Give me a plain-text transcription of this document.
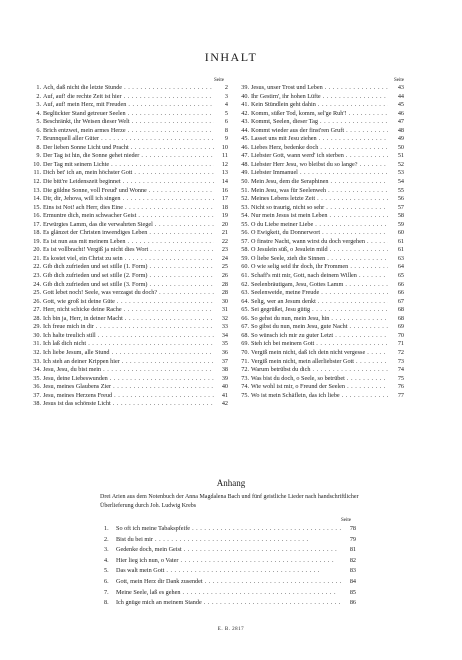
INHALT
Seite	Seite
1. Ach, daß nicht die letzte Stunde . . .	2
2. Auf, auf! die rechte Zeit ist hier . . .	3
3. Auf, auf! mein Herz, mit Freuden . . .	4
4. Beglückter Stand getreuer Seelen . . .	5
5. Beschränkt, ihr Weisen dieser Welt . . .	6
6. Brich entzwei, mein armes Herze . . .	8
7. Brunnquell aller Güter . . .	9
8. Der lieben Sonne Licht und Pracht . . .	10
9. Der Tag ist hin, die Sonne gehet nieder . . .	11
10. Der Tag mit seinem Lichte . . .	12
11. Dich bet' ich an, mein höchster Gott . . .	13
12. Die bitt're Leidenszeit beginnet . . .	14
13. Die güldne Sonne, voll Freud' und Wonne . . .	16
14. Dir, dir, Jehova, will ich singen . . .	17
15. Eins ist Not! ach Herr, dies Eine . . .	18
16. Ermuntre dich, mein schwacher Geist . . .	19
17. Erwürgtes Lamm, das die verwahrten Siegel . . .	20
18. Es glänzet der Christen inwendiges Leben . . .	21
19. Es ist nun aus mit meinem Leben . . .	22
20. Es ist vollbracht! Vergiß ja nicht dies Wort . . .	23
21. Es kostet viel, ein Christ zu sein . . .	24
22. Gib dich zufrieden und sei stille (1. Form) . . .	25
23. Gib dich zufrieden und sei stille (2. Form) . . .	26
24. Gib dich zufrieden und sei stille (3. Form) . . .	28
25. Gott lebet noch! Seele, was verzagst du doch? . . .	28
26. Gott, wie groß ist deine Güte . . .	30
27. Herr, nicht schicke deine Rache . . .	31
28. Ich bin ja, Herr, in deiner Macht . . .	32
29. Ich freue mich in dir . . .	33
30. Ich halte treulich still . . .	34
31. Ich laß dich nicht . . .	35
32. Ich liebe Jesum, alle Stund . . .	36
33. Ich steh an deiner Krippen hier . . .	37
34. Jesu, Jesu, du bist mein . . .	38
35. Jesu, deine Liebeswunden . . .	39
36. Jesu, meines Glaubens Zier . . .	40
37. Jesu, meines Herzens Freud . . .	41
38. Jesus ist das schönste Licht . . .	42
39. Jesus, unser Trost und Leben . . .	43
40. Ihr Gestirn', ihr hohen Lüfte . . .	44
41. Kein Stündlein geht dahin . . .	45
42. Komm, süßer Tod, komm, sel'ge Ruh'! . . .	46
43. Kommt, Seelen, dieser Tag . . .	47
44. Kommt wieder aus der finst'ren Gruft . . .	48
45. Lasset uns mit Jesu ziehen . . .	49
46. Liebes Herz, bedenke doch . . .	50
47. Liebster Gott, wann werd' ich sterben . . .	51
48. Liebster Herr Jesu, wo bleibst du so lange? . . .	52
49. Liebster Immanuel . . .	53
50. Mein Jesu, dem die Seraphinen . . .	54
51. Mein Jesu, was für Seelenweh . . .	55
52. Meines Lebens letzte Zeit . . .	56
53. Nicht so traurig, nicht so sehr . . .	57
54. Nur mein Jesus ist mein Leben . . .	58
55. O du Liebe meiner Liebe . . .	59
56. O Ewigkeit, du Donnerwort . . .	60
57. O finstre Nacht, wann wirst du doch vergehen . . .	61
58. O Jesulein süß, o Jesulein mild . . .	61
59. O liebe Seele, zieh die Sinnen . . .	63
60. O wie selig seid ihr doch, ihr Frommen . . .	64
61. Schaff's mit mir, Gott, nach deinem Willen . . .	65
62. Seelenbräutigam, Jesu, Gottes Lamm . . .	66
63. Seelenweide, meine Freude . . .	66
64. Selig, wer an Jesum denkt . . .	67
65. Sei gegrüßet, Jesu gütig . . .	68
66. So gehst du nun, mein Jesu, hin . . .	68
67. So gibst du nun, mein Jesu, gute Nacht . . .	69
68. So wünsch ich mir zu guter Letzt . . .	70
69. Steh ich bei meinem Gott . . .	71
70. Vergiß mein nicht, daß ich dein nicht vergesse . . .	72
71. Vergiß mein nicht, mein allerliebster Gott . . .	73
72. Warum betrübst du dich . . .	74
73. Was bist du doch, o Seele, so betrübet . . .	75
74. Wie wohl ist mir, o Freund der Seelen . . .	76
75. Wo ist mein Schäflein, das ich liebe . . .	77
Anhang
Drei Arien aus dem Notenbuch der Anna Magdalena Bach und fünf geistliche Lieder nach handschriftlicher Überlieferung durch Joh. Ludwig Krebs
Seite
1.	So oft ich meine Tabakspfeife . . .	78
2.	Bist du bei mir . . .	79
3.	Gedenke doch, mein Geist . . .	81
4.	Hier lieg ich nun, o Vater . . .	82
5.	Das walt mein Gott . . .	83
6.	Gott, mein Herz dir Dank zusendet . . .	84
7.	Meine Seele, laß es gehen . . .	85
8.	Ich gnüge mich an meinem Stande . . .	86
E. B. 2817
